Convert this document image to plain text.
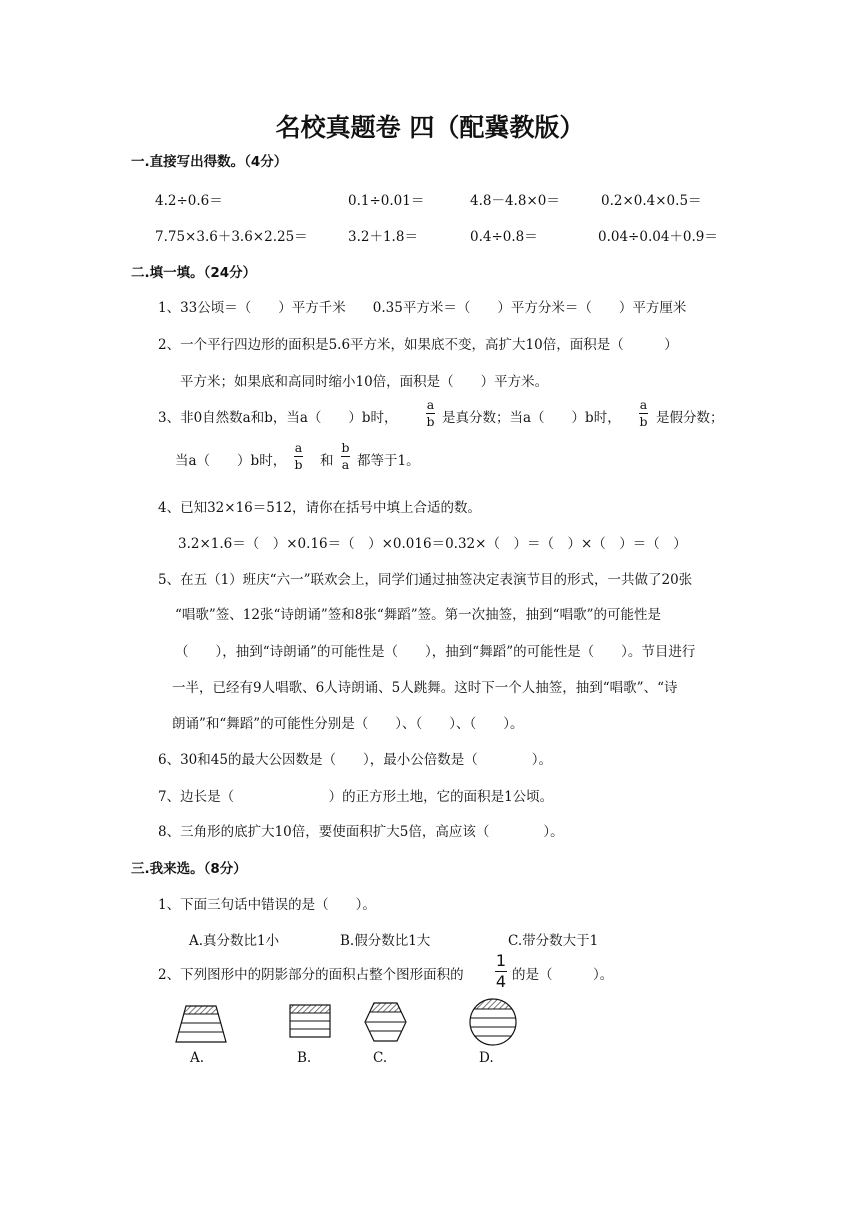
名校真题卷 四（配冀教版）
一.直接写出得数。（4分）
4.2÷0.6＝	0.1÷0.01＝	4.8－4.8×0＝	0.2×0.4×0.5＝
7.75×3.6＋3.6×2.25＝	3.2＋1.8＝	0.4÷0.8＝	0.04÷0.04＋0.9＝
二.填一填。（24分）
1、33公顷＝（　　）平方千米　　0.35平方米＝（　　）平方分米＝（　　）平方厘米
2、一个平行四边形的面积是5.6平方米，如果底不变，高扩大10倍，面积是（　　　）
平方米；如果底和高同时缩小10倍，面积是（　　）平方米。
3、非0自然数a和b，当a（　　）b时，
a
b 是真分数；当a（　　）b时，
a
b 是假分数；
当a（　　）b时，
a
b 和
b
a 都等于1。
4、已知32×16＝512，请你在括号中填上合适的数。
3.2×1.6＝（　）×0.16＝（　）×0.016＝0.32×（　）＝（　）×（　）＝（　）
5、在五（1）班庆“六一”联欢会上，同学们通过抽签决定表演节目的形式，一共做了20张
“唱歌”签、12张“诗朗诵”签和8张“舞蹈”签。第一次抽签，抽到“唱歌”的可能性是
（　　），抽到“诗朗诵”的可能性是（　　），抽到“舞蹈”的可能性是（　　）。节目进行
一半，已经有9人唱歌、6人诗朗诵、5人跳舞。这时下一个人抽签，抽到“唱歌”、“诗
朗诵”和“舞蹈”的可能性分别是（　　）、（　　）、（　　）。
6、30和45的最大公因数是（　　），最小公倍数是（　　　　）。
7、边长是（　　　　　　　）的正方形土地，它的面积是1公顷。
8、三角形的底扩大10倍，要使面积扩大5倍，高应该（　　　　）。
三.我来选。（8分）
1、下面三句话中错误的是（　　）。
A.真分数比1小	B.假分数比1大	C.带分数大于1
2、下列图形中的阴影部分的面积占整个图形面积的
1
4 的是（　　　）。
A.	B.	C.	D.
